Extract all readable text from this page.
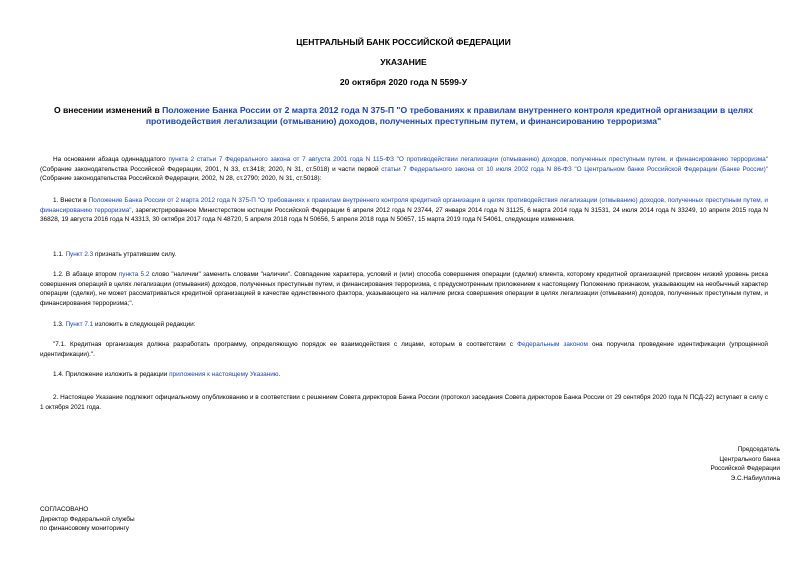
ЦЕНТРАЛЬНЫЙ БАНК РОССИЙСКОЙ ФЕДЕРАЦИИ
УКАЗАНИЕ
20 октября 2020 года N 5599-У
О внесении изменений в Положение Банка России от 2 марта 2012 года N 375-П "О требованиях к правилам внутреннего контроля кредитной организации в целях противодействия легализации (отмыванию) доходов, полученных преступным путем, и финансированию терроризма"
На основании абзаца одиннадцатого пункта 2 статьи 7 Федерального закона от 7 августа 2001 года N 115-ФЗ "О противодействии легализации (отмыванию) доходов, полученных преступным путем, и финансированию терроризма" (Собрание законодательства Российской Федерации, 2001, N 33, ст.3418; 2020, N 31, ст.5018) и части первой статьи 7 Федерального закона от 10 июля 2002 года N 86-ФЗ "О Центральном банке Российской Федерации (Банке России)" (Собрание законодательства Российской Федерации, 2002, N 28, ст.2790; 2020, N 31, ст.5018):
1. Внести в Положение Банка России от 2 марта 2012 года N 375-П "О требованиях к правилам внутреннего контроля кредитной организации в целях противодействия легализации (отмыванию) доходов, полученных преступным путем, и финансированию терроризма", зарегистрированное Министерством юстиции Российской Федерации 6 апреля 2012 года N 23744, 27 января 2014 года N 31125, 6 марта 2014 года N 31531, 24 июля 2014 года N 33249, 10 апреля 2015 года N 36828, 19 августа 2016 года N 43313, 30 октября 2017 года N 48720, 5 апреля 2018 года N 50656, 5 апреля 2018 года N 50657, 15 марта 2019 года N 54061, следующие изменения.
1.1. Пункт 2.3 признать утратившим силу.
1.2. В абзаце втором пункта 5.2 слово "наличии" заменить словами "наличии". Совпадение характера, условий и (или) способа совершения операции (сделки) клиента, которому кредитной организацией присвоен низкий уровень риска совершения операций в целях легализации (отмывания) доходов, полученных преступным путем, и финансирования терроризма, с предусмотренным приложением к настоящему Положению признаком, указывающим на необычный характер операции (сделки), не может рассматриваться кредитной организацией в качестве единственного фактора, указывающего на наличие риска совершения операции в целях легализации (отмывания) доходов, полученных преступным путем, и финансирования терроризма;".
1.3. Пункт 7.1 изложить в следующей редакции:
"7.1. Кредитная организация должна разработать программу, определяющую порядок ее взаимодействия с лицами, которым в соответствии с Федеральным законом она поручила проведение идентификации (упрощенной идентификации).".
1.4. Приложение изложить в редакции приложения к настоящему Указанию.
2. Настоящее Указание подлежит официальному опубликованию и в соответствии с решением Совета директоров Банка России (протокол заседания Совета директоров Банка России от 29 сентября 2020 года N ПСД-22) вступает в силу с 1 октября 2021 года.
Председатель
Центрального банка
Российской Федерации
Э.С.Набиуллина
СОГЛАСОВАНО
Директор Федеральной службы
по финансовому мониторингу
